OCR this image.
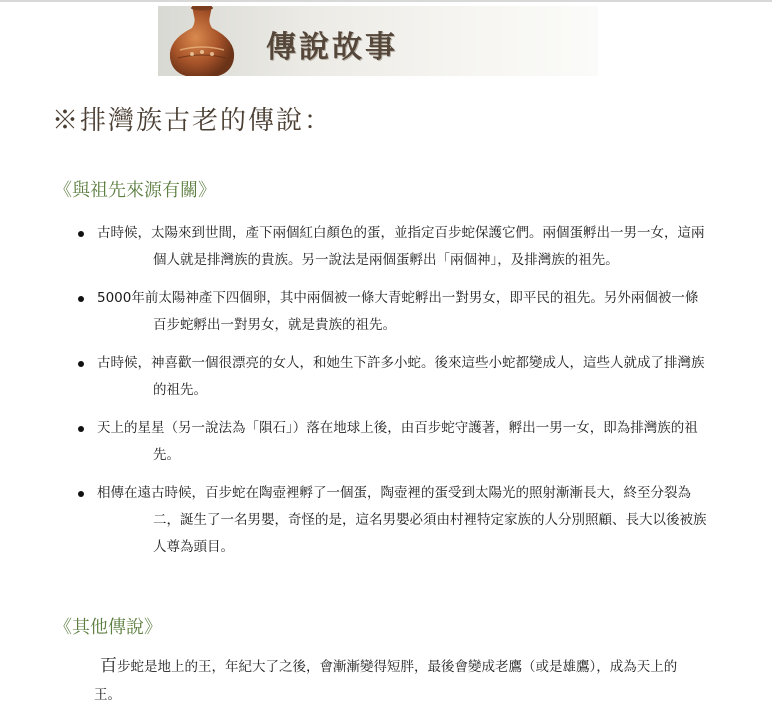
傳說故事
※排灣族古老的傳說：
《與祖先來源有關》
古時候，太陽來到世間，產下兩個紅白顏色的蛋，並指定百步蛇保護它們。兩個蛋孵出一男一女，這兩個人就是排灣族的貴族。另一說法是兩個蛋孵出「兩個神」，及排灣族的祖先。
5000年前太陽神產下四個卵，其中兩個被一條大青蛇孵出一對男女，即平民的祖先。另外兩個被一條百步蛇孵出一對男女，就是貴族的祖先。
古時候，神喜歡一個很漂亮的女人，和她生下許多小蛇。後來這些小蛇都變成人，這些人就成了排灣族的祖先。
天上的星星（另一說法為「隕石」）落在地球上後，由百步蛇守護著，孵出一男一女，即為排灣族的祖先。
相傳在遠古時候，百步蛇在陶壺裡孵了一個蛋，陶壺裡的蛋受到太陽光的照射漸漸長大，終至分裂為二，誕生了一名男嬰，奇怪的是，這名男嬰必須由村裡特定家族的人分別照顧、長大以後被族人尊為頭目。
《其他傳說》
百步蛇是地上的王，年紀大了之後，會漸漸變得短胖，最後會變成老鷹（或是雄鷹），成為天上的王。
